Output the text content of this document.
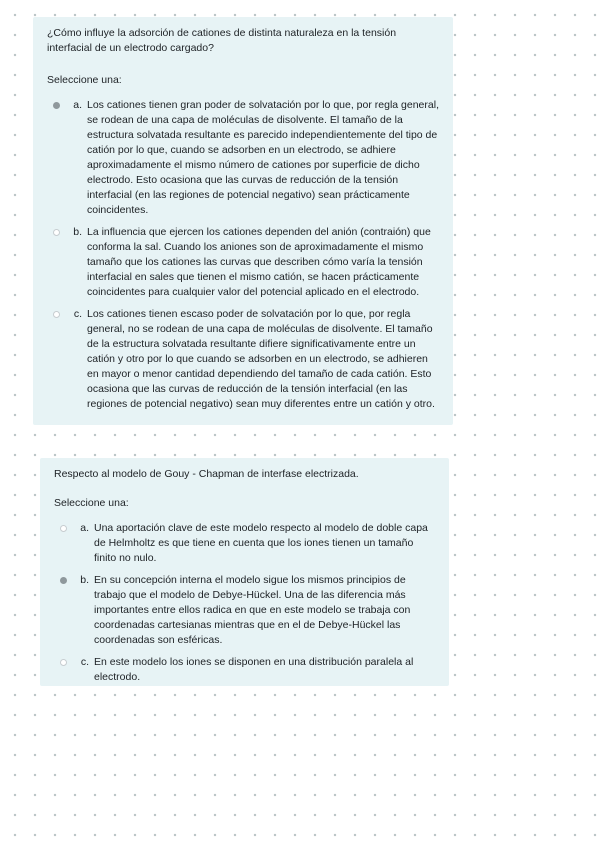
¿Cómo influye la adsorción de cationes de distinta naturaleza en la tensión interfacial de un electrodo cargado?

Seleccione una:

a. Los cationes tienen gran poder de solvatación por lo que, por regla general, se rodean de una capa de moléculas de disolvente. El tamaño de la estructura solvatada resultante es parecido independientemente del tipo de catión por lo que, cuando se adsorben en un electrodo, se adhiere aproximadamente el mismo número de cationes por superficie de dicho electrodo. Esto ocasiona que las curvas de reducción de la tensión interfacial (en las regiones de potencial negativo) sean prácticamente coincidentes.
b. La influencia que ejercen los cationes dependen del anión (contraión) que conforma la sal. Cuando los aniones son de aproximadamente el mismo tamaño que los cationes las curvas que describen cómo varía la tensión interfacial en sales que tienen el mismo catión, se hacen prácticamente coincidentes para cualquier valor del potencial aplicado en el electrodo.
c. Los cationes tienen escaso poder de solvatación por lo que, por regla general, no se rodean de una capa de moléculas de disolvente. El tamaño de la estructura solvatada resultante difiere significativamente entre un catión y otro por lo que cuando se adsorben en un electrodo, se adhieren en mayor o menor cantidad dependiendo del tamaño de cada catión. Esto ocasiona que las curvas de reducción de la tensión interfacial (en las regiones de potencial negativo) sean muy diferentes entre un catión y otro.

Respecto al modelo de Gouy - Chapman de interfase electrizada.

Seleccione una:

a. Una aportación clave de este modelo respecto al modelo de doble capa de Helmholtz es que tiene en cuenta que los iones tienen un tamaño finito no nulo.
b. En su concepción interna el modelo sigue los mismos principios de trabajo que el modelo de Debye-Hückel. Una de las diferencia más importantes entre ellos radica en que en este modelo se trabaja con coordenadas cartesianas mientras que en el de Debye-Hückel las coordenadas son esféricas.
c. En este modelo los iones se disponen en una distribución paralela al electrodo.
